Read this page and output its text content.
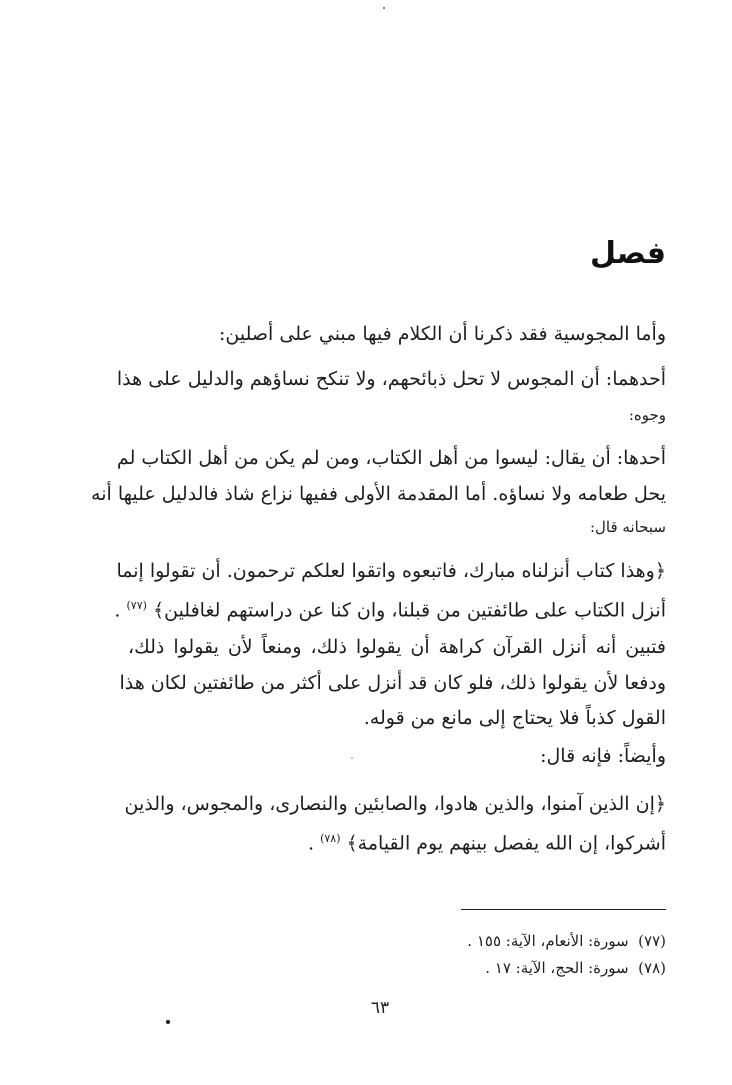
فصل
وأما المجوسية فقد ذكرنا أن الكلام فيها مبني على أصلين:
أحدهما: أن المجوس لا تحل ذبائحهم، ولا تنكح نساؤهم والدليل على هذا
وجوه:
أحدها: أن يقال: ليسوا من أهل الكتاب، ومن لم يكن من أهل الكتاب لم
يحل طعامه ولا نساؤه. أما المقدمة الأولى ففيها نزاع شاذ فالدليل عليها أنه
سبحانه قال:
﴿وهذا كتاب أنزلناه مبارك، فاتبعوه واتقوا لعلكم ترحمون. أن تقولوا إنما
أنزل الكتاب على طائفتين من قبلنا، وان كنا عن دراستهم لغافلين﴾ $^{(٧٧)}$ .
فتبين أنه أنزل القرآن كراهة أن يقولوا ذلك، ومنعاً لأن يقولوا ذلك،
ودفعا لأن يقولوا ذلك، فلو كان قد أنزل على أكثر من طائفتين لكان هذا
القول كذباً فلا يحتاج إلى مانع من قوله.
وأيضاً: فإنه قال:
﴿إن الذين آمنوا، والذين هادوا، والصابئين والنصارى، والمجوس، والذين
أشركوا، إن الله يفصل بينهم يوم القيامة﴾ $^{(٧٨)}$ .
(٧٧)  سورة: الأنعام، الآية: ١٥٥ .
(٧٨)  سورة: الحج، الآية: ١٧ .
٦٣
